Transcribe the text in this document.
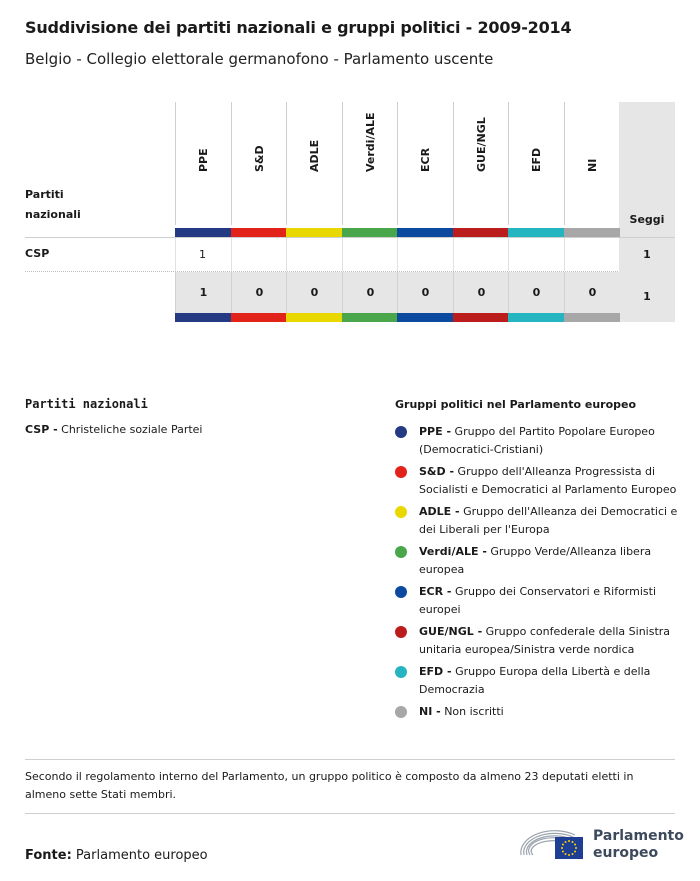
Suddivisione dei partiti nazionali e gruppi politici - 2009-2014
Belgio - Collegio elettorale germanofono - Parlamento uscente
Seggi
Partiti nazionali
1
CSP	1
Partiti nazionali
CSP - Christeliche soziale Partei
Gruppi politici nel Parlamento europeo
PPE - Gruppo del Partito Popolare Europeo (Democratici-Cristiani)
S&D - Gruppo dell'Alleanza Progressista di Socialisti e Democratici al Parlamento Europeo
ADLE - Gruppo dell'Alleanza dei Democratici e dei Liberali per l'Europa
Verdi/ALE - Gruppo Verde/Alleanza libera europea
ECR - Gruppo dei Conservatori e Riformisti europei
GUE/NGL - Gruppo confederale della Sinistra unitaria europea/Sinistra verde nordica
EFD - Gruppo Europa della Libertà e della Democrazia
NI - Non iscritti
Secondo il regolamento interno del Parlamento, un gruppo politico è composto da almeno 23 deputati eletti in almeno sette Stati membri.
Fonte: Parlamento europeo
Parlamento
europeo
PPE
1
1
S&D
0
ADLE
0
Verdi/ALE
0
ECR
0
GUE/NGL
0
EFD
0
NI
0
